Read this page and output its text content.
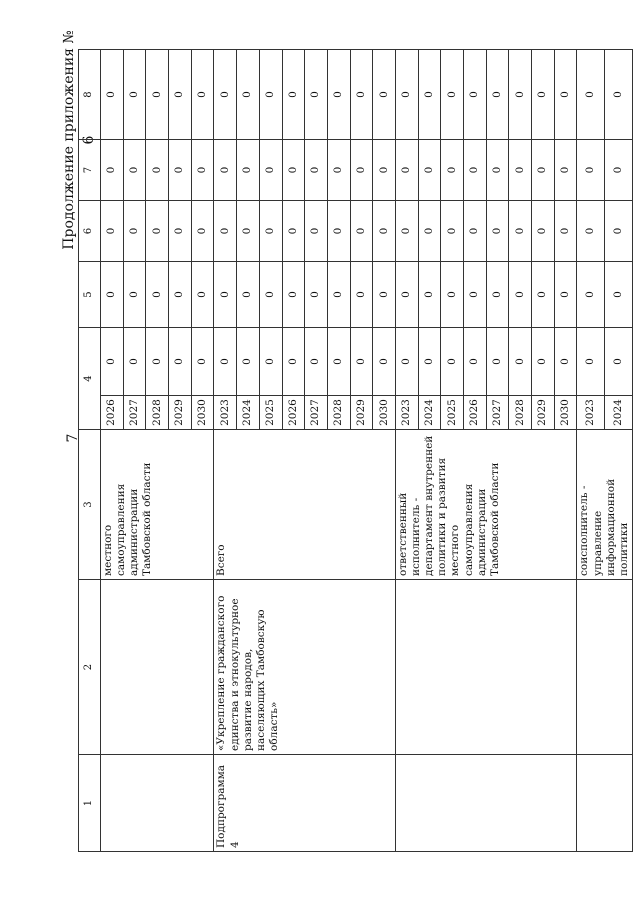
7
Продолжение приложения № 6
1	2	3	4		5	6	7	8
		местного самоуправления администрации Тамбовской области	2026	0	0	0	0	0
			2027	0	0	0	0	0
			2028	0	0	0	0	0
			2029	0	0	0	0	0
			2030	0	0	0	0	0
Подпрограмма 4	«Укрепление гражданского единства и этнокультурное развитие народов, населяющих Тамбовскую область»	Всего	2023	0	0	0	0	0
			2024	0	0	0	0	0
			2025	0	0	0	0	0
			2026	0	0	0	0	0
			2027	0	0	0	0	0
			2028	0	0	0	0	0
			2029	0	0	0	0	0
			2030	0	0	0	0	0
		ответственный исполнитель - департамент внутренней политики и развития местного самоуправления администрации Тамбовской области	2023	0	0	0	0	0
			2024	0	0	0	0	0
			2025	0	0	0	0	0
			2026	0	0	0	0	0
			2027	0	0	0	0	0
			2028	0	0	0	0	0
			2029	0	0	0	0	0
			2030	0	0	0	0	0
		соисполнитель - управление информационной политики	2023	0	0	0	0	0
			2024	0	0	0	0	0
